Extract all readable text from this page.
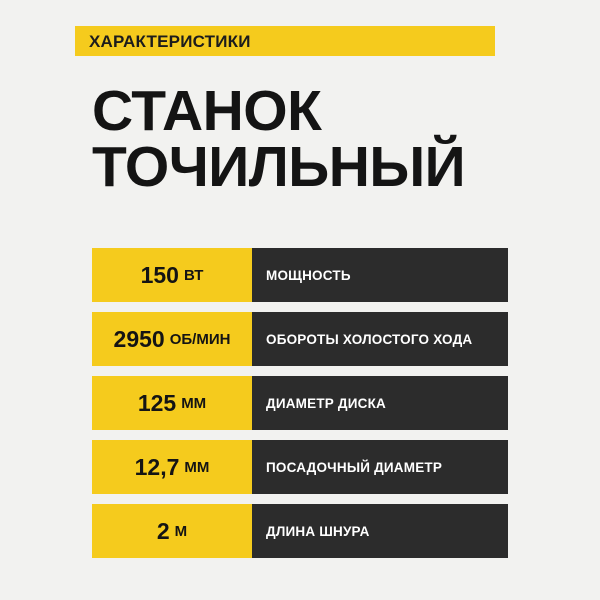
ХАРАКТЕРИСТИКИ
СТАНОК
ТОЧИЛЬНЫЙ
150 ВТ	МОЩНОСТЬ
2950 ОБ/МИН	ОБОРОТЫ ХОЛОСТОГО ХОДА
125 ММ	ДИАМЕТР ДИСКА
12,7 ММ	ПОСАДОЧНЫЙ ДИАМЕТР
2 М	ДЛИНА ШНУРА
